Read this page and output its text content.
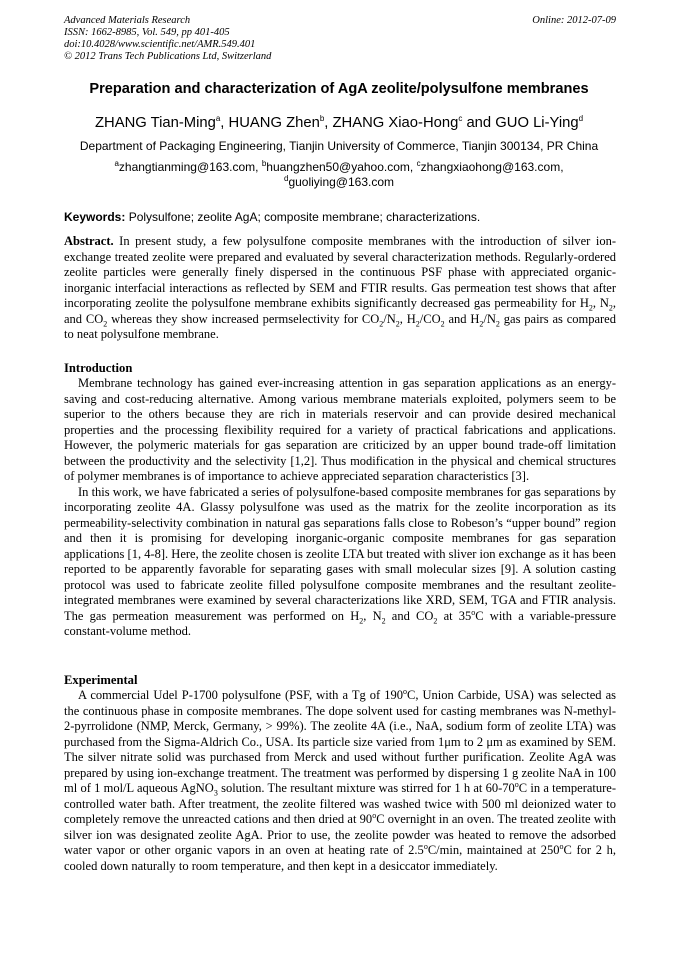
Advanced Materials Research
ISSN: 1662-8985, Vol. 549, pp 401-405
doi:10.4028/www.scientific.net/AMR.549.401
© 2012 Trans Tech Publications Ltd, Switzerland
Online: 2012-07-09
Preparation and characterization of AgA zeolite/polysulfone membranes
ZHANG Tian-Ming$^a$, HUANG Zhen$^b$, ZHANG Xiao-Hong$^c$ and GUO Li-Ying$^d$
Department of Packaging Engineering, Tianjin University of Commerce, Tianjin 300134, PR China
$^a$zhangtianming@163.com, $^b$huangzhen50@yahoo.com, $^c$zhangxiaohong@163.com,
$^d$guoliying@163.com
Keywords: Polysulfone; zeolite AgA; composite membrane; characterizations.
Abstract. In present study, a few polysulfone composite membranes with the introduction of silver ion-exchange treated zeolite were prepared and evaluated by several characterization methods. Regularly-ordered zeolite particles were generally finely dispersed in the continuous PSF phase with appreciated organic-inorganic interfacial interactions as reflected by SEM and FTIR results. Gas permeation test shows that after incorporating zeolite the polysulfone membrane exhibits significantly decreased gas permeability for $H_2$, $N_2$, and $CO_2$ whereas they show increased permselectivity for $CO_2/N_2$, $H_2/CO_2$ and $H_2/N_2$ gas pairs as compared to neat polysulfone membrane.
Introduction

Membrane technology has gained ever-increasing attention in gas separation applications as an energy-saving and cost-reducing alternative. Among various membrane materials exploited, polymers seem to be superior to the others because they are rich in materials reservoir and can provide desired mechanical properties and the processing flexibility required for a variety of practical fabrications and applications. However, the polymeric materials for gas separation are criticized by an upper bound trade-off limitation between the productivity and the selectivity [1,2]. Thus modification in the physical and chemical structures of polymer membranes is of importance to achieve appreciated separation characteristics [3].

In this work, we have fabricated a series of polysulfone-based composite membranes for gas separations by incorporating zeolite 4A. Glassy polysulfone was used as the matrix for the zeolite incorporation as its permeability-selectivity combination in natural gas separations falls close to Robeson’s “upper bound” region and then it is promising for developing inorganic-organic composite membranes for gas separation applications [1, 4-8]. Here, the zeolite chosen is zeolite LTA but treated with sliver ion exchange as it has been reported to be apparently favorable for separating gases with small molecular sizes [9]. A solution casting protocol was used to fabricate zeolite filled polysulfone composite membranes and the resultant zeolite-integrated membranes were examined by several characterizations like XRD, SEM, TGA and FTIR analysis. The gas permeation measurement was performed on $H_2$, $N_2$ and $CO_2$ at 35$^o$C with a variable-pressure constant-volume method.

Experimental

A commercial Udel P-1700 polysulfone (PSF, with a Tg of 190$^o$C, Union Carbide, USA) was selected as the continuous phase in composite membranes. The dope solvent used for casting membranes was N-methyl-2-pyrrolidone (NMP, Merck, Germany, > 99%). The zeolite 4A (i.e., NaA, sodium form of zeolite LTA) was purchased from the Sigma-Aldrich Co., USA. Its particle size varied from 1μm to 2 μm as examined by SEM. The silver nitrate solid was purchased from Merck and used without further purification. Zeolite AgA was prepared by using ion-exchange treatment. The treatment was performed by dispersing 1 g zeolite NaA in 100 ml of 1 mol/L aqueous AgNO$_3$ solution. The resultant mixture was stirred for 1 h at 60-70$^o$C in a temperature-controlled water bath. After treatment, the zeolite filtered was washed twice with 500 ml deionized water to completely remove the unreacted cations and then dried at 90$^o$C overnight in an oven. The treated zeolite with silver ion was designated zeolite AgA. Prior to use, the zeolite powder was heated to remove the adsorbed water vapor or other organic vapors in an oven at heating rate of 2.5$^o$C/min, maintained at 250$^o$C for 2 h, cooled down naturally to room temperature, and then kept in a desiccator immediately.
